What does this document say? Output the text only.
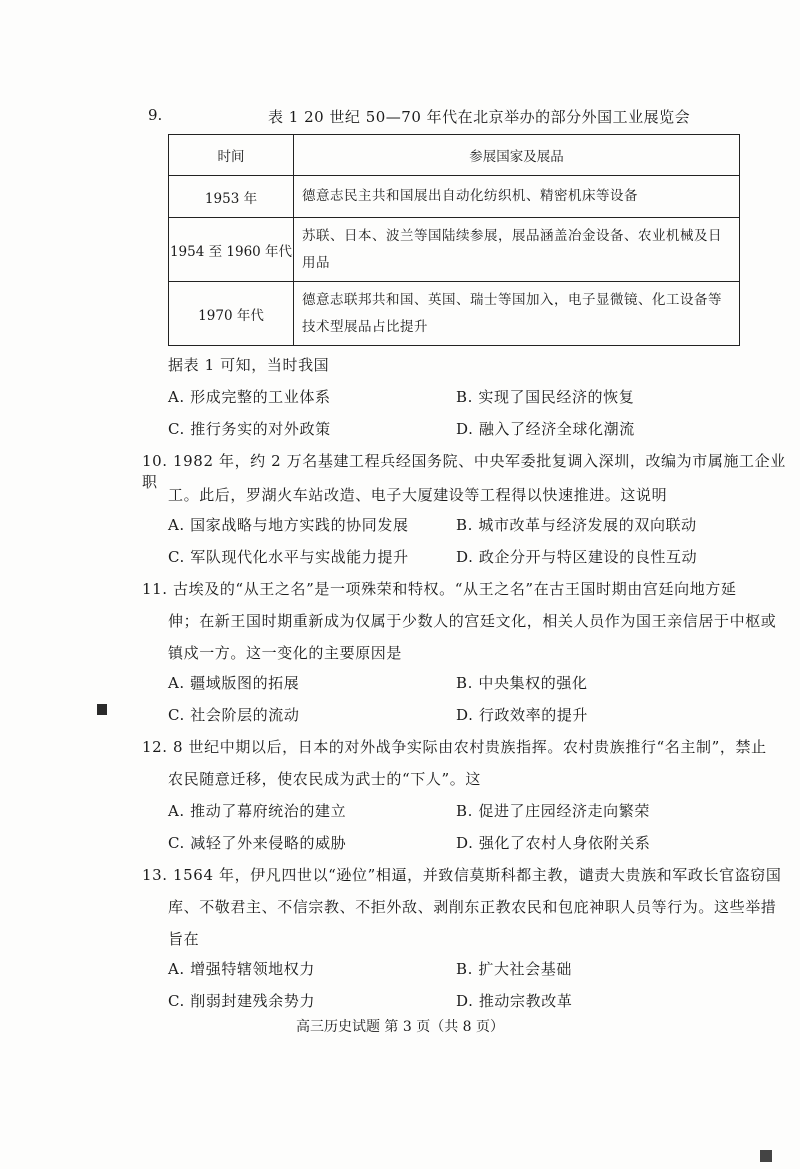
9.	表 1 20 世纪 50—70 年代在北京举办的部分外国工业展览会
时间	参展国家及展品
1953 年	德意志民主共和国展出自动化纺织机、精密机床等设备
1954 至 1960 年代	苏联、日本、波兰等国陆续参展，展品涵盖冶金设备、农业机械及日用品
1970 年代	德意志联邦共和国、英国、瑞士等国加入，电子显微镜、化工设备等技术型展品占比提升
据表 1 可知，当时我国
A. 形成完整的工业体系	B. 实现了国民经济的恢复
C. 推行务实的对外政策	D. 融入了经济全球化潮流
10. 1982 年，约 2 万名基建工程兵经国务院、中央军委批复调入深圳，改编为市属施工企业职
工。此后，罗湖火车站改造、电子大厦建设等工程得以快速推进。这说明
A. 国家战略与地方实践的协同发展	B. 城市改革与经济发展的双向联动
C. 军队现代化水平与实战能力提升	D. 政企分开与特区建设的良性互动
11. 古埃及的“从王之名”是一项殊荣和特权。“从王之名”在古王国时期由宫廷向地方延
伸；在新王国时期重新成为仅属于少数人的宫廷文化，相关人员作为国王亲信居于中枢或
镇戍一方。这一变化的主要原因是
A. 疆域版图的拓展	B. 中央集权的强化
C. 社会阶层的流动	D. 行政效率的提升
12. 8 世纪中期以后，日本的对外战争实际由农村贵族指挥。农村贵族推行“名主制”，禁止
农民随意迁移，使农民成为武士的“下人”。这
A. 推动了幕府统治的建立	B. 促进了庄园经济走向繁荣
C. 减轻了外来侵略的威胁	D. 强化了农村人身依附关系
13. 1564 年，伊凡四世以“逊位”相逼，并致信莫斯科都主教，谴责大贵族和军政长官盗窃国
库、不敬君主、不信宗教、不拒外敌、剥削东正教农民和包庇神职人员等行为。这些举措
旨在
A. 增强特辖领地权力	B. 扩大社会基础
C. 削弱封建残余势力	D. 推动宗教改革
高三历史试题 第 3 页（共 8 页）
